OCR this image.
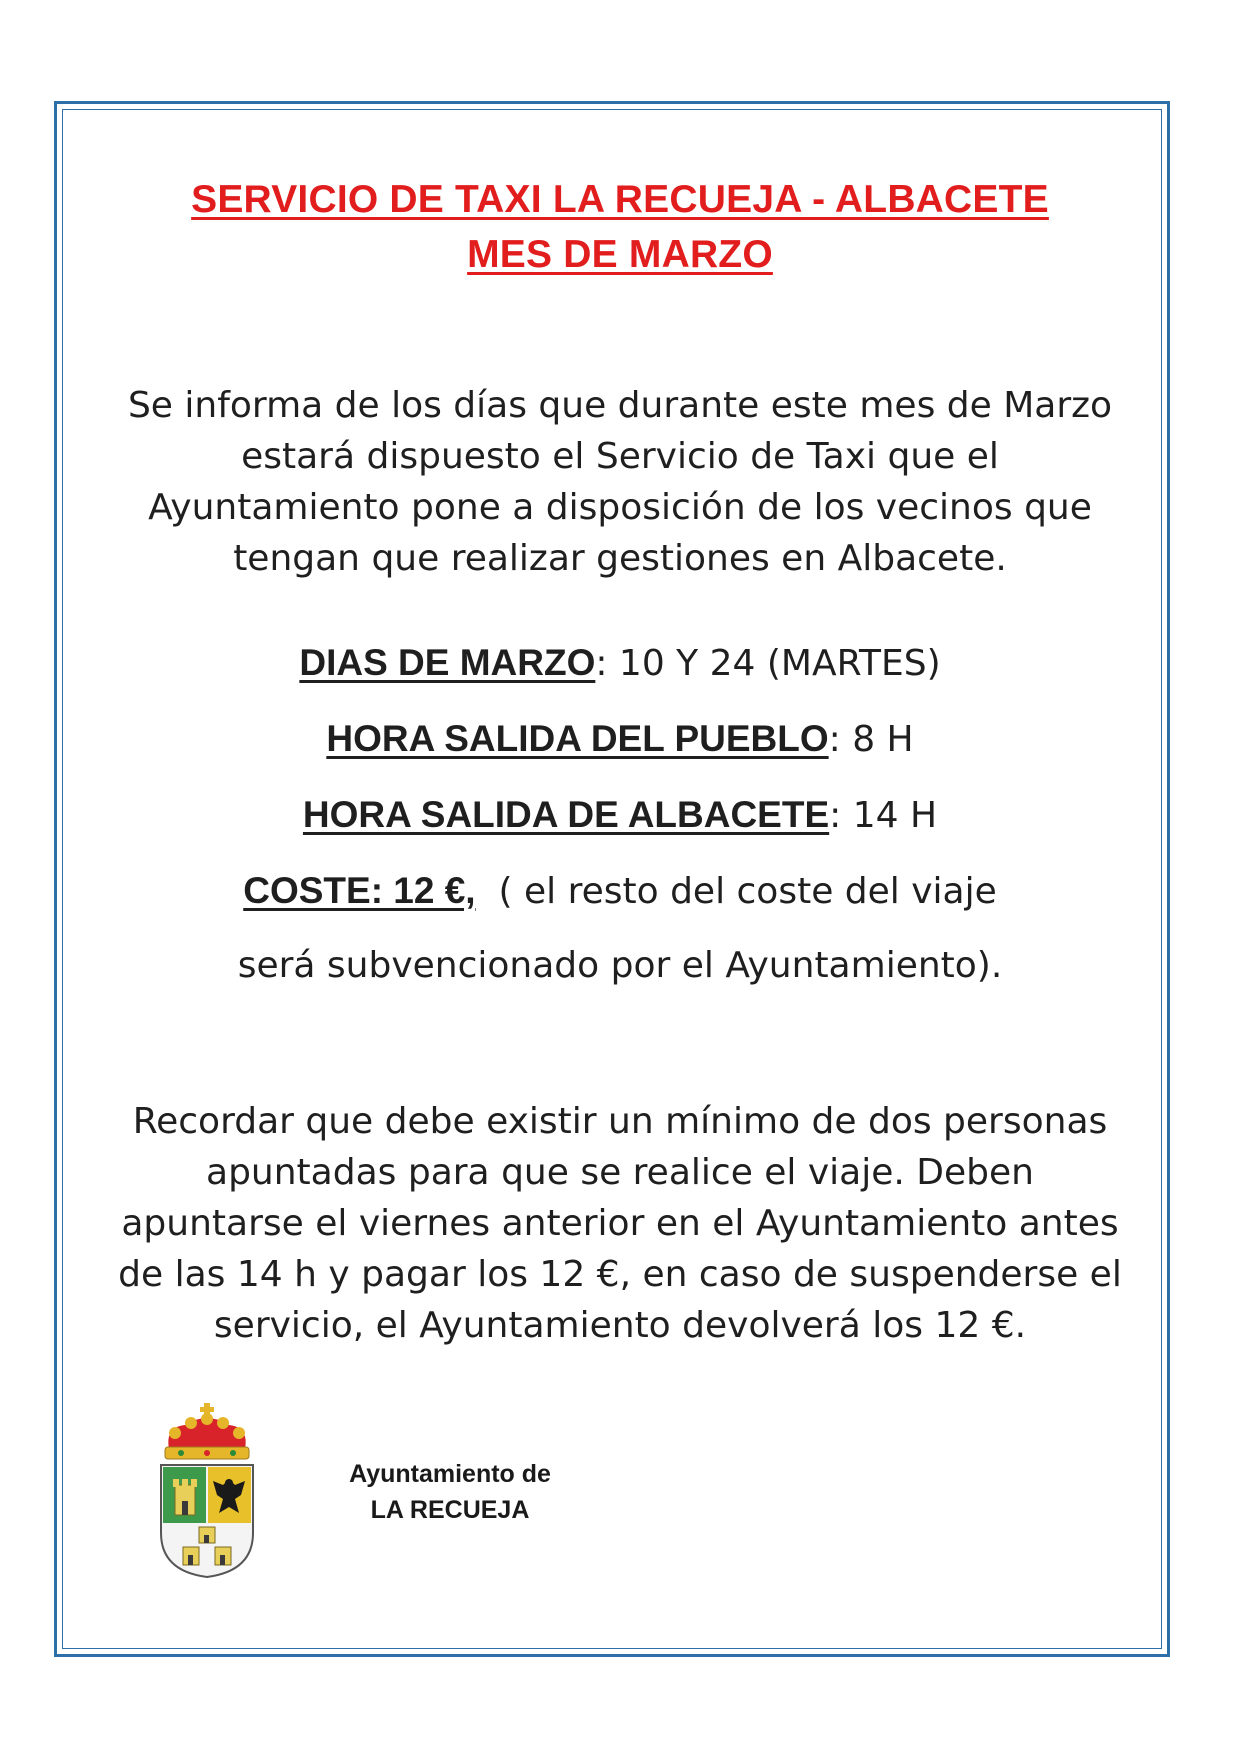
SERVICIO DE TAXI LA RECUEJA - ALBACETE
MES DE MARZO
Se informa de los días que durante este mes de Marzo estará dispuesto el Servicio de Taxi que el Ayuntamiento pone a disposición de los vecinos que tengan que realizar gestiones en Albacete.
DIAS DE MARZO: 10 Y 24 (MARTES)
HORA SALIDA DEL PUEBLO: 8 H
HORA SALIDA DE ALBACETE: 14 H
COSTE: 12 €, ( el resto del coste del viaje
será subvencionado por el Ayuntamiento).
Recordar que debe existir un mínimo de dos personas apuntadas para que se realice el viaje. Deben apuntarse el viernes anterior en el Ayuntamiento antes de las 14 h y pagar los 12 €, en caso de suspenderse el servicio, el Ayuntamiento devolverá los 12 €.
Ayuntamiento de
LA RECUEJA
